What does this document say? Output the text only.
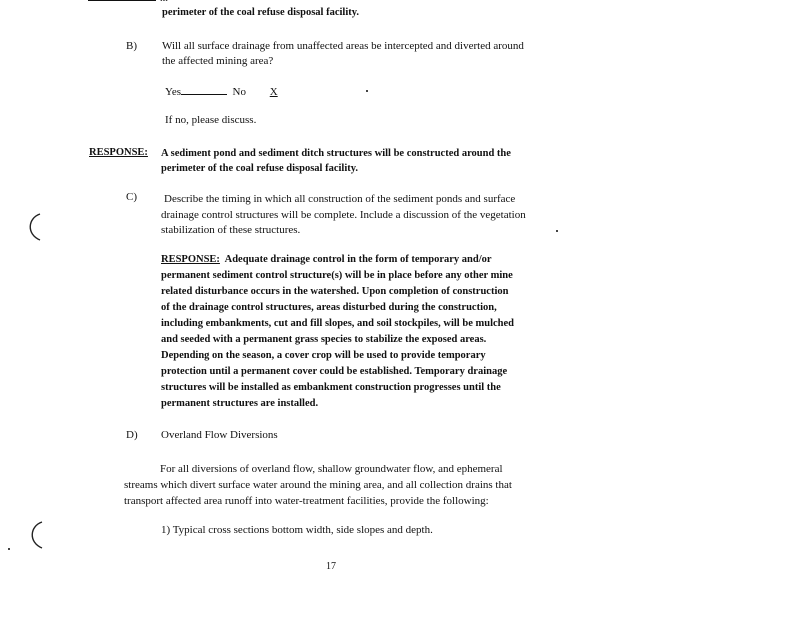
perimeter of the coal refuse disposal facility.
B) Will all surface drainage from unaffected areas be intercepted and diverted around
the affected mining area?
Yes	No X
If no, please discuss.
RESPONSE: A sediment pond and sediment ditch structures will be constructed around the
perimeter of the coal refuse disposal facility.
C) Describe the timing in which all construction of the sediment ponds and surface
drainage control structures will be complete. Include a discussion of the vegetation
stabilization of these structures.
RESPONSE: Adequate drainage control in the form of temporary and/or
permanent sediment control structure(s) will be in place before any other mine
related disturbance occurs in the watershed. Upon completion of construction
of the drainage control structures, areas disturbed during the construction,
including embankments, cut and fill slopes, and soil stockpiles, will be mulched
and seeded with a permanent grass species to stabilize the exposed areas.
Depending on the season, a cover crop will be used to provide temporary
protection until a permanent cover could be established. Temporary drainage
structures will be installed as embankment construction progresses until the
permanent structures are installed.
D) Overland Flow Diversions
For all diversions of overland flow, shallow groundwater flow, and ephemeral
streams which divert surface water around the mining area, and all collection drains that
transport affected area runoff into water-treatment facilities, provide the following:
1) Typical cross sections bottom width, side slopes and depth.
17
